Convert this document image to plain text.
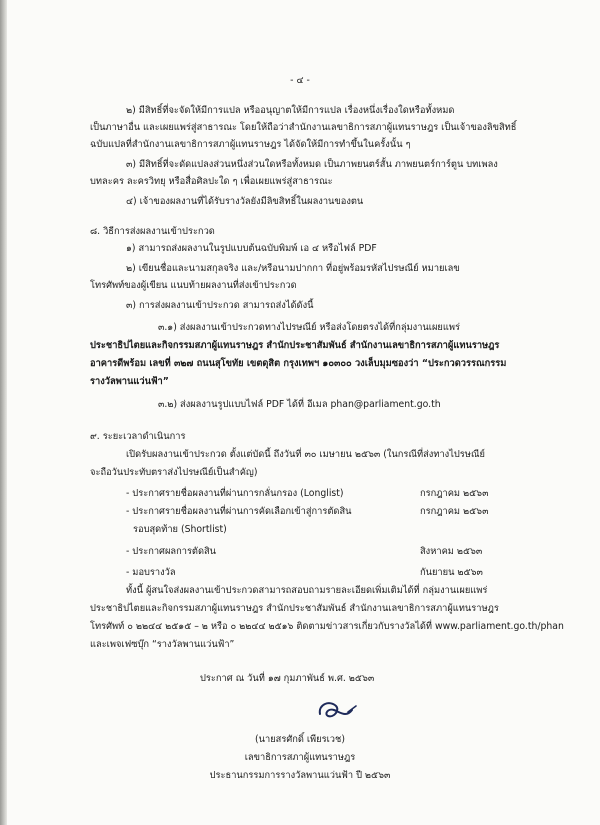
- ๔ -
๒) มีสิทธิ์ที่จะจัดให้มีการแปล หรืออนุญาตให้มีการแปล เรื่องหนึ่งเรื่องใดหรือทั้งหมด
เป็นภาษาอื่น และเผยแพร่สู่สาธารณะ โดยให้ถือว่าสำนักงานเลขาธิการสภาผู้แทนราษฎร เป็นเจ้าของลิขสิทธิ์
ฉบับแปลที่สำนักงานเลขาธิการสภาผู้แทนราษฎร ได้จัดให้มีการทำขึ้นในครั้งนั้น ๆ
๓) มีสิทธิ์ที่จะดัดแปลงส่วนหนึ่งส่วนใดหรือทั้งหมด เป็นภาพยนตร์สั้น ภาพยนตร์การ์ตูน บทเพลง
บทละคร ละครวิทยุ หรือสื่อศิลปะใด ๆ เพื่อเผยแพร่สู่สาธารณะ
๔) เจ้าของผลงานที่ได้รับรางวัลยังมีลิขสิทธิ์ในผลงานของตน
๘. วิธีการส่งผลงานเข้าประกวด
๑) สามารถส่งผลงานในรูปแบบต้นฉบับพิมพ์ เอ ๔ หรือไฟล์ PDF
๒) เขียนชื่อและนามสกุลจริง และ/หรือนามปากกา ที่อยู่พร้อมรหัสไปรษณีย์ หมายเลข
โทรศัพท์ของผู้เขียน แนบท้ายผลงานที่ส่งเข้าประกวด
๓) การส่งผลงานเข้าประกวด สามารถส่งได้ดังนี้
๓.๑) ส่งผลงานเข้าประกวดทางไปรษณีย์ หรือส่งโดยตรงได้ที่กลุ่มงานเผยแพร่
ประชาธิปไตยและกิจกรรมสภาผู้แทนราษฎร สำนักประชาสัมพันธ์ สำนักงานเลขาธิการสภาผู้แทนราษฎร
อาคารดีพร้อม เลขที่ ๓๒๗ ถนนสุโขทัย เขตดุสิต กรุงเทพฯ ๑๐๓๐๐ วงเล็บมุมซองว่า “ประกวดวรรณกรรม
รางวัลพานแว่นฟ้า”
๓.๒) ส่งผลงานรูปแบบไฟล์ PDF ได้ที่ อีเมล phan@parliament.go.th
๙. ระยะเวลาดำเนินการ
เปิดรับผลงานเข้าประกวด ตั้งแต่บัดนี้ ถึงวันที่ ๓๐ เมษายน ๒๕๖๓ (ในกรณีที่ส่งทางไปรษณีย์
จะถือวันประทับตราส่งไปรษณีย์เป็นสำคัญ)
- ประกาศรายชื่อผลงานที่ผ่านการกลั่นกรอง (Longlist)	กรกฎาคม ๒๕๖๓
- ประกาศรายชื่อผลงานที่ผ่านการคัดเลือกเข้าสู่การตัดสิน	กรกฎาคม ๒๕๖๓
รอบสุดท้าย (Shortlist)
- ประกาศผลการตัดสิน	สิงหาคม ๒๕๖๓
- มอบรางวัล	กันยายน ๒๕๖๓
ทั้งนี้ ผู้สนใจส่งผลงานเข้าประกวดสามารถสอบถามรายละเอียดเพิ่มเติมได้ที่ กลุ่มงานเผยแพร่
ประชาธิปไตยและกิจกรรมสภาผู้แทนราษฎร สำนักประชาสัมพันธ์ สำนักงานเลขาธิการสภาผู้แทนราษฎร
โทรศัพท์ ๐ ๒๒๔๔ ๒๕๑๕ – ๒ หรือ ๐ ๒๒๔๔ ๒๕๑๖ ติดตามข่าวสารเกี่ยวกับรางวัลได้ที่ www.parliament.go.th/phan
และเพจเฟซบุ๊ก “รางวัลพานแว่นฟ้า”
ประกาศ ณ วันที่ ๑๗ กุมภาพันธ์ พ.ศ. ๒๕๖๓
(นายสรศักดิ์ เพียรเวช)
เลขาธิการสภาผู้แทนราษฎร
ประธานกรรมการรางวัลพานแว่นฟ้า ปี ๒๕๖๓
